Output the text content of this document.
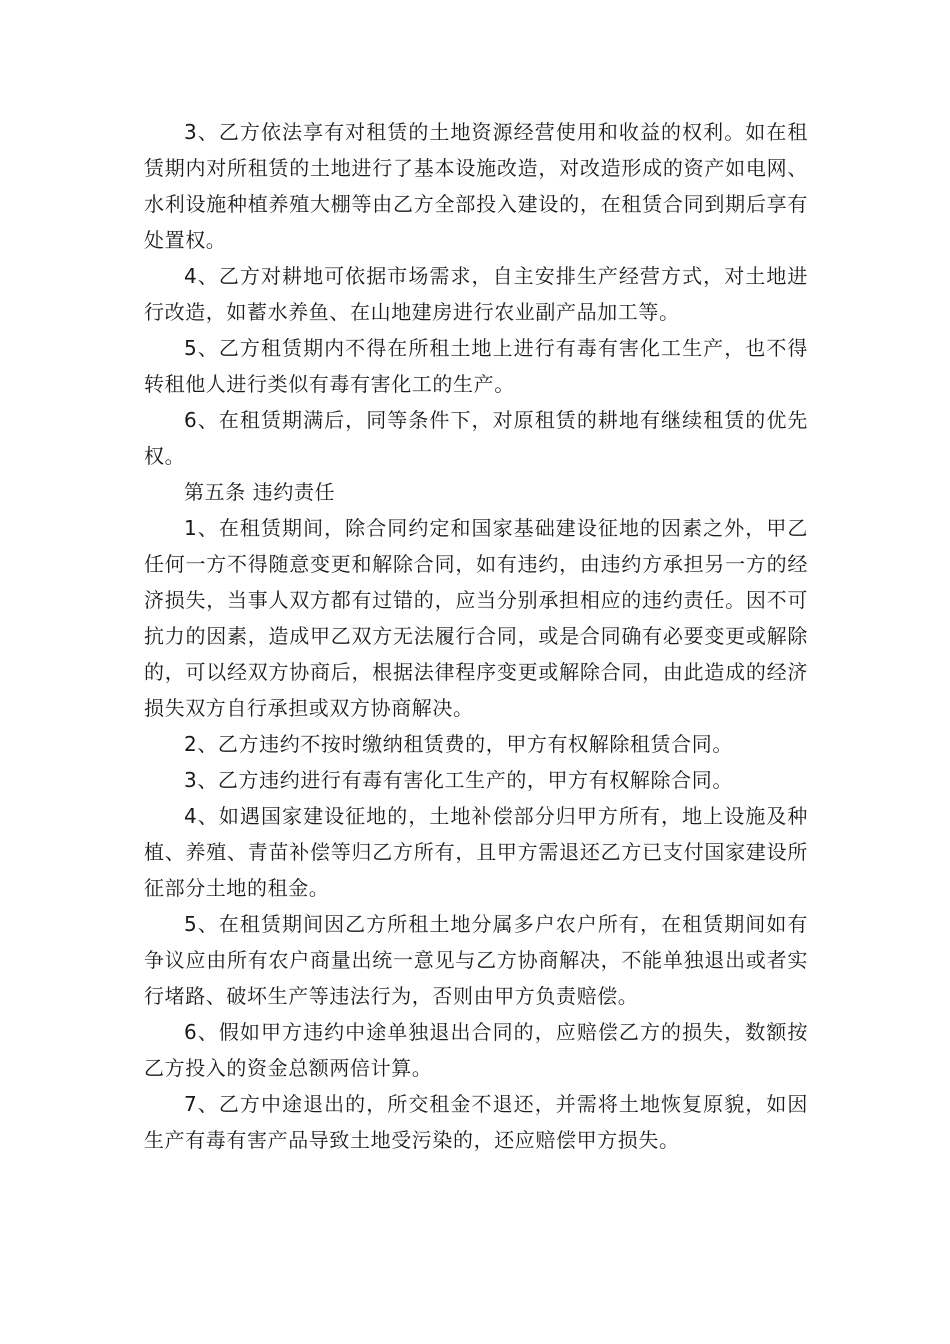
3、乙方依法享有对租赁的土地资源经营使用和收益的权利。如在租赁期内对所租赁的土地进行了基本设施改造，对改造形成的资产如电网、水利设施种植养殖大棚等由乙方全部投入建设的，在租赁合同到期后享有处置权。

4、乙方对耕地可依据市场需求，自主安排生产经营方式，对土地进行改造，如蓄水养鱼、在山地建房进行农业副产品加工等。

5、乙方租赁期内不得在所租土地上进行有毒有害化工生产，也不得转租他人进行类似有毒有害化工的生产。

6、在租赁期满后，同等条件下，对原租赁的耕地有继续租赁的优先权。

第五条 违约责任

1、在租赁期间，除合同约定和国家基础建设征地的因素之外，甲乙任何一方不得随意变更和解除合同，如有违约，由违约方承担另一方的经济损失，当事人双方都有过错的，应当分别承担相应的违约责任。因不可抗力的因素，造成甲乙双方无法履行合同，或是合同确有必要变更或解除的，可以经双方协商后，根据法律程序变更或解除合同，由此造成的经济损失双方自行承担或双方协商解决。

2、乙方违约不按时缴纳租赁费的，甲方有权解除租赁合同。

3、乙方违约进行有毒有害化工生产的，甲方有权解除合同。

4、如遇国家建设征地的，土地补偿部分归甲方所有，地上设施及种植、养殖、青苗补偿等归乙方所有，且甲方需退还乙方已支付国家建设所征部分土地的租金。

5、在租赁期间因乙方所租土地分属多户农户所有，在租赁期间如有争议应由所有农户商量出统一意见与乙方协商解决，不能单独退出或者实行堵路、破坏生产等违法行为，否则由甲方负责赔偿。

6、假如甲方违约中途单独退出合同的，应赔偿乙方的损失，数额按乙方投入的资金总额两倍计算。

7、乙方中途退出的，所交租金不退还，并需将土地恢复原貌，如因生产有毒有害产品导致土地受污染的，还应赔偿甲方损失。
